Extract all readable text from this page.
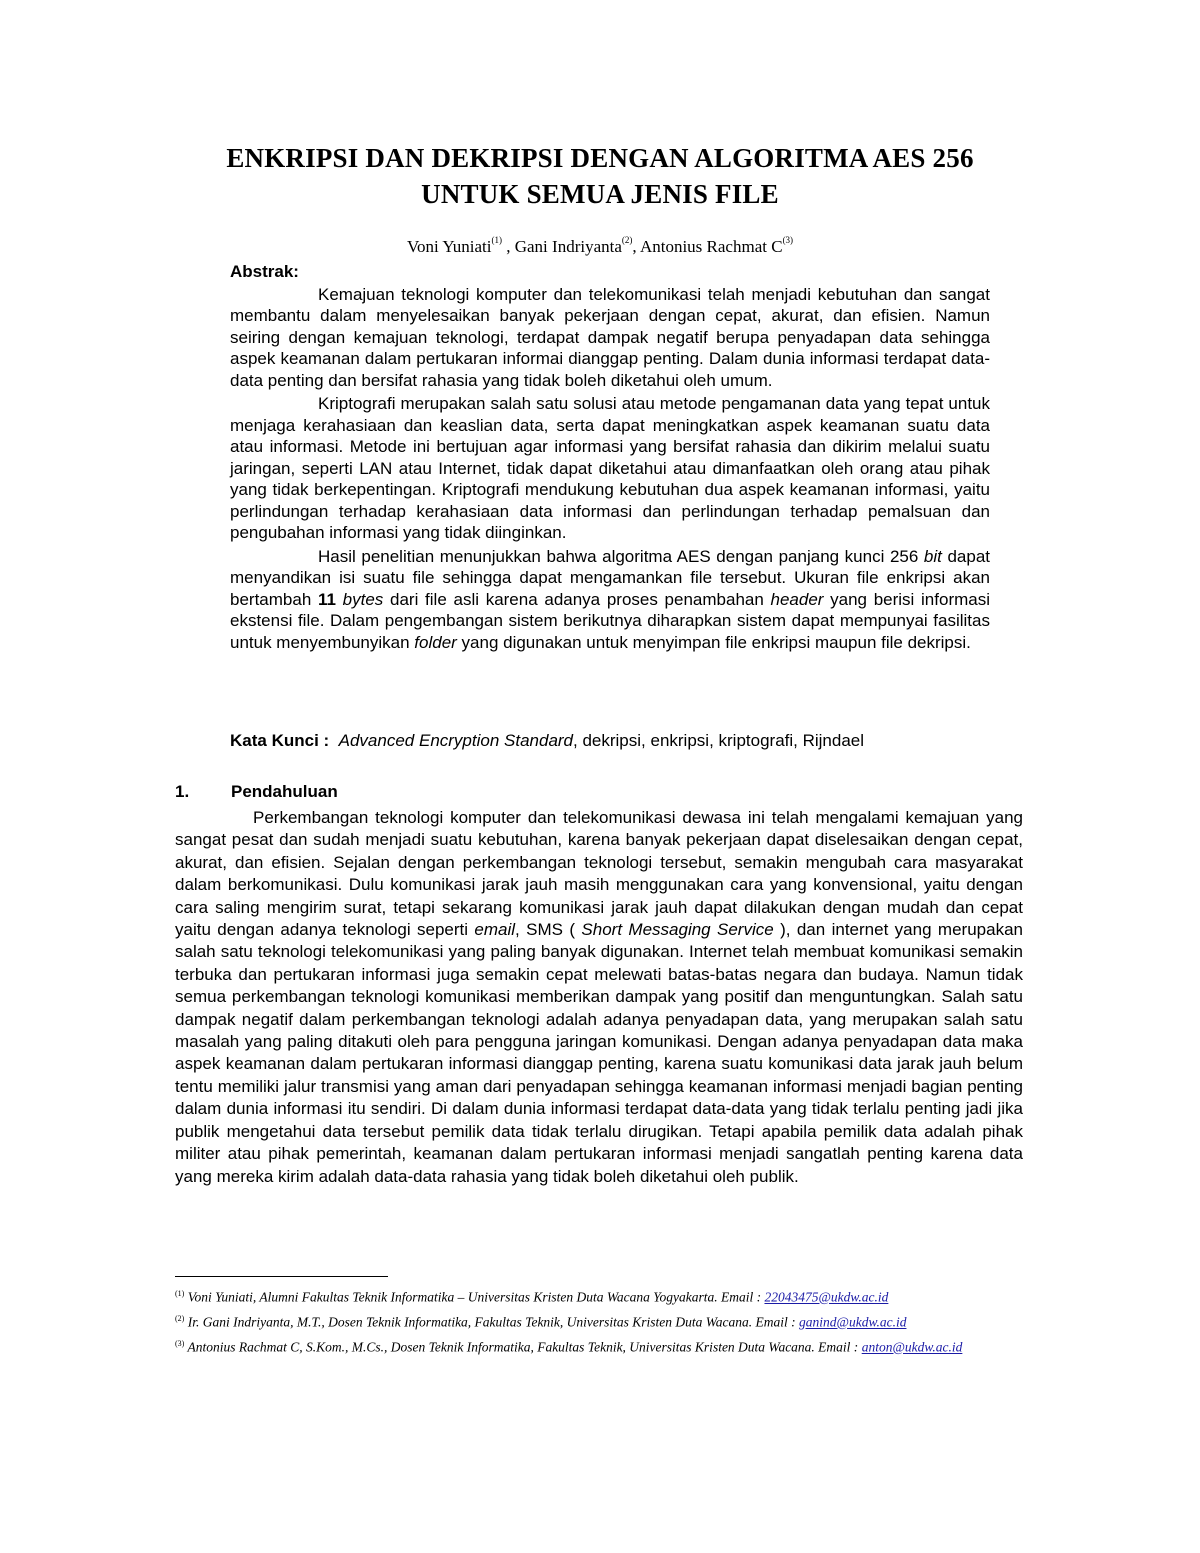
ENKRIPSI DAN DEKRIPSI DENGAN ALGORITMA AES 256
UNTUK SEMUA JENIS FILE
Voni Yuniati$^{(1)}$ , Gani Indriyanta$^{(2)}$, Antonius Rachmat $C^{(3)}$
Abstrak:

Kemajuan teknologi komputer dan telekomunikasi telah menjadi kebutuhan dan sangat membantu dalam menyelesaikan banyak pekerjaan dengan cepat, akurat, dan efisien. Namun seiring dengan kemajuan teknologi, terdapat dampak negatif berupa penyadapan data sehingga aspek keamanan dalam pertukaran informai dianggap penting. Dalam dunia informasi terdapat data-data penting dan bersifat rahasia yang tidak boleh diketahui oleh umum.

Kriptografi merupakan salah satu solusi atau metode pengamanan data yang tepat untuk menjaga kerahasiaan dan keaslian data, serta dapat meningkatkan aspek keamanan suatu data atau informasi. Metode ini bertujuan agar informasi yang bersifat rahasia dan dikirim melalui suatu jaringan, seperti LAN atau Internet, tidak dapat diketahui atau dimanfaatkan oleh orang atau pihak yang tidak berkepentingan. Kriptografi mendukung kebutuhan dua aspek keamanan informasi, yaitu perlindungan terhadap kerahasiaan data informasi dan perlindungan terhadap pemalsuan dan pengubahan informasi yang tidak diinginkan.

Hasil penelitian menunjukkan bahwa algoritma AES dengan panjang kunci 256 bit dapat menyandikan isi suatu file sehingga dapat mengamankan file tersebut. Ukuran file enkripsi akan bertambah 11 bytes dari file asli karena adanya proses penambahan header yang berisi informasi ekstensi file. Dalam pengembangan sistem berikutnya diharapkan sistem dapat mempunyai fasilitas untuk menyembunyikan folder yang digunakan untuk menyimpan file enkripsi maupun file dekripsi.

Kata Kunci : Advanced Encryption Standard, dekripsi, enkripsi, kriptografi, Rijndael
1. Pendahuluan

Perkembangan teknologi komputer dan telekomunikasi dewasa ini telah mengalami kemajuan yang sangat pesat dan sudah menjadi suatu kebutuhan, karena banyak pekerjaan dapat diselesaikan dengan cepat, akurat, dan efisien. Sejalan dengan perkembangan teknologi tersebut, semakin mengubah cara masyarakat dalam berkomunikasi. Dulu komunikasi jarak jauh masih menggunakan cara yang konvensional, yaitu dengan cara saling mengirim surat, tetapi sekarang komunikasi jarak jauh dapat dilakukan dengan mudah dan cepat yaitu dengan adanya teknologi seperti email, SMS ( Short Messaging Service ), dan internet yang merupakan salah satu teknologi telekomunikasi yang paling banyak digunakan. Internet telah membuat komunikasi semakin terbuka dan pertukaran informasi juga semakin cepat melewati batas-batas negara dan budaya. Namun tidak semua perkembangan teknologi komunikasi memberikan dampak yang positif dan menguntungkan. Salah satu dampak negatif dalam perkembangan teknologi adalah adanya penyadapan data, yang merupakan salah satu masalah yang paling ditakuti oleh para pengguna jaringan komunikasi. Dengan adanya penyadapan data maka aspek keamanan dalam pertukaran informasi dianggap penting, karena suatu komunikasi data jarak jauh belum tentu memiliki jalur transmisi yang aman dari penyadapan sehingga keamanan informasi menjadi bagian penting dalam dunia informasi itu sendiri. Di dalam dunia informasi terdapat data-data yang tidak terlalu penting jadi jika publik mengetahui data tersebut pemilik data tidak terlalu dirugikan. Tetapi apabila pemilik data adalah pihak militer atau pihak pemerintah, keamanan dalam pertukaran informasi menjadi sangatlah penting karena data yang mereka kirim adalah data-data rahasia yang tidak boleh diketahui oleh publik.

$^{(1)}$ Voni Yuniati, Alumni Fakultas Teknik Informatika – Universitas Kristen Duta Wacana Yogyakarta. Email : 22043475@ukdw.ac.id
$^{(2)}$ Ir. Gani Indriyanta, M.T., Dosen Teknik Informatika, Fakultas Teknik, Universitas Kristen Duta Wacana. Email : ganind@ukdw.ac.id
$^{(3)}$ Antonius Rachmat C, S.Kom., M.Cs., Dosen Teknik Informatika, Fakultas Teknik, Universitas Kristen Duta Wacana. Email : anton@ukdw.ac.id
